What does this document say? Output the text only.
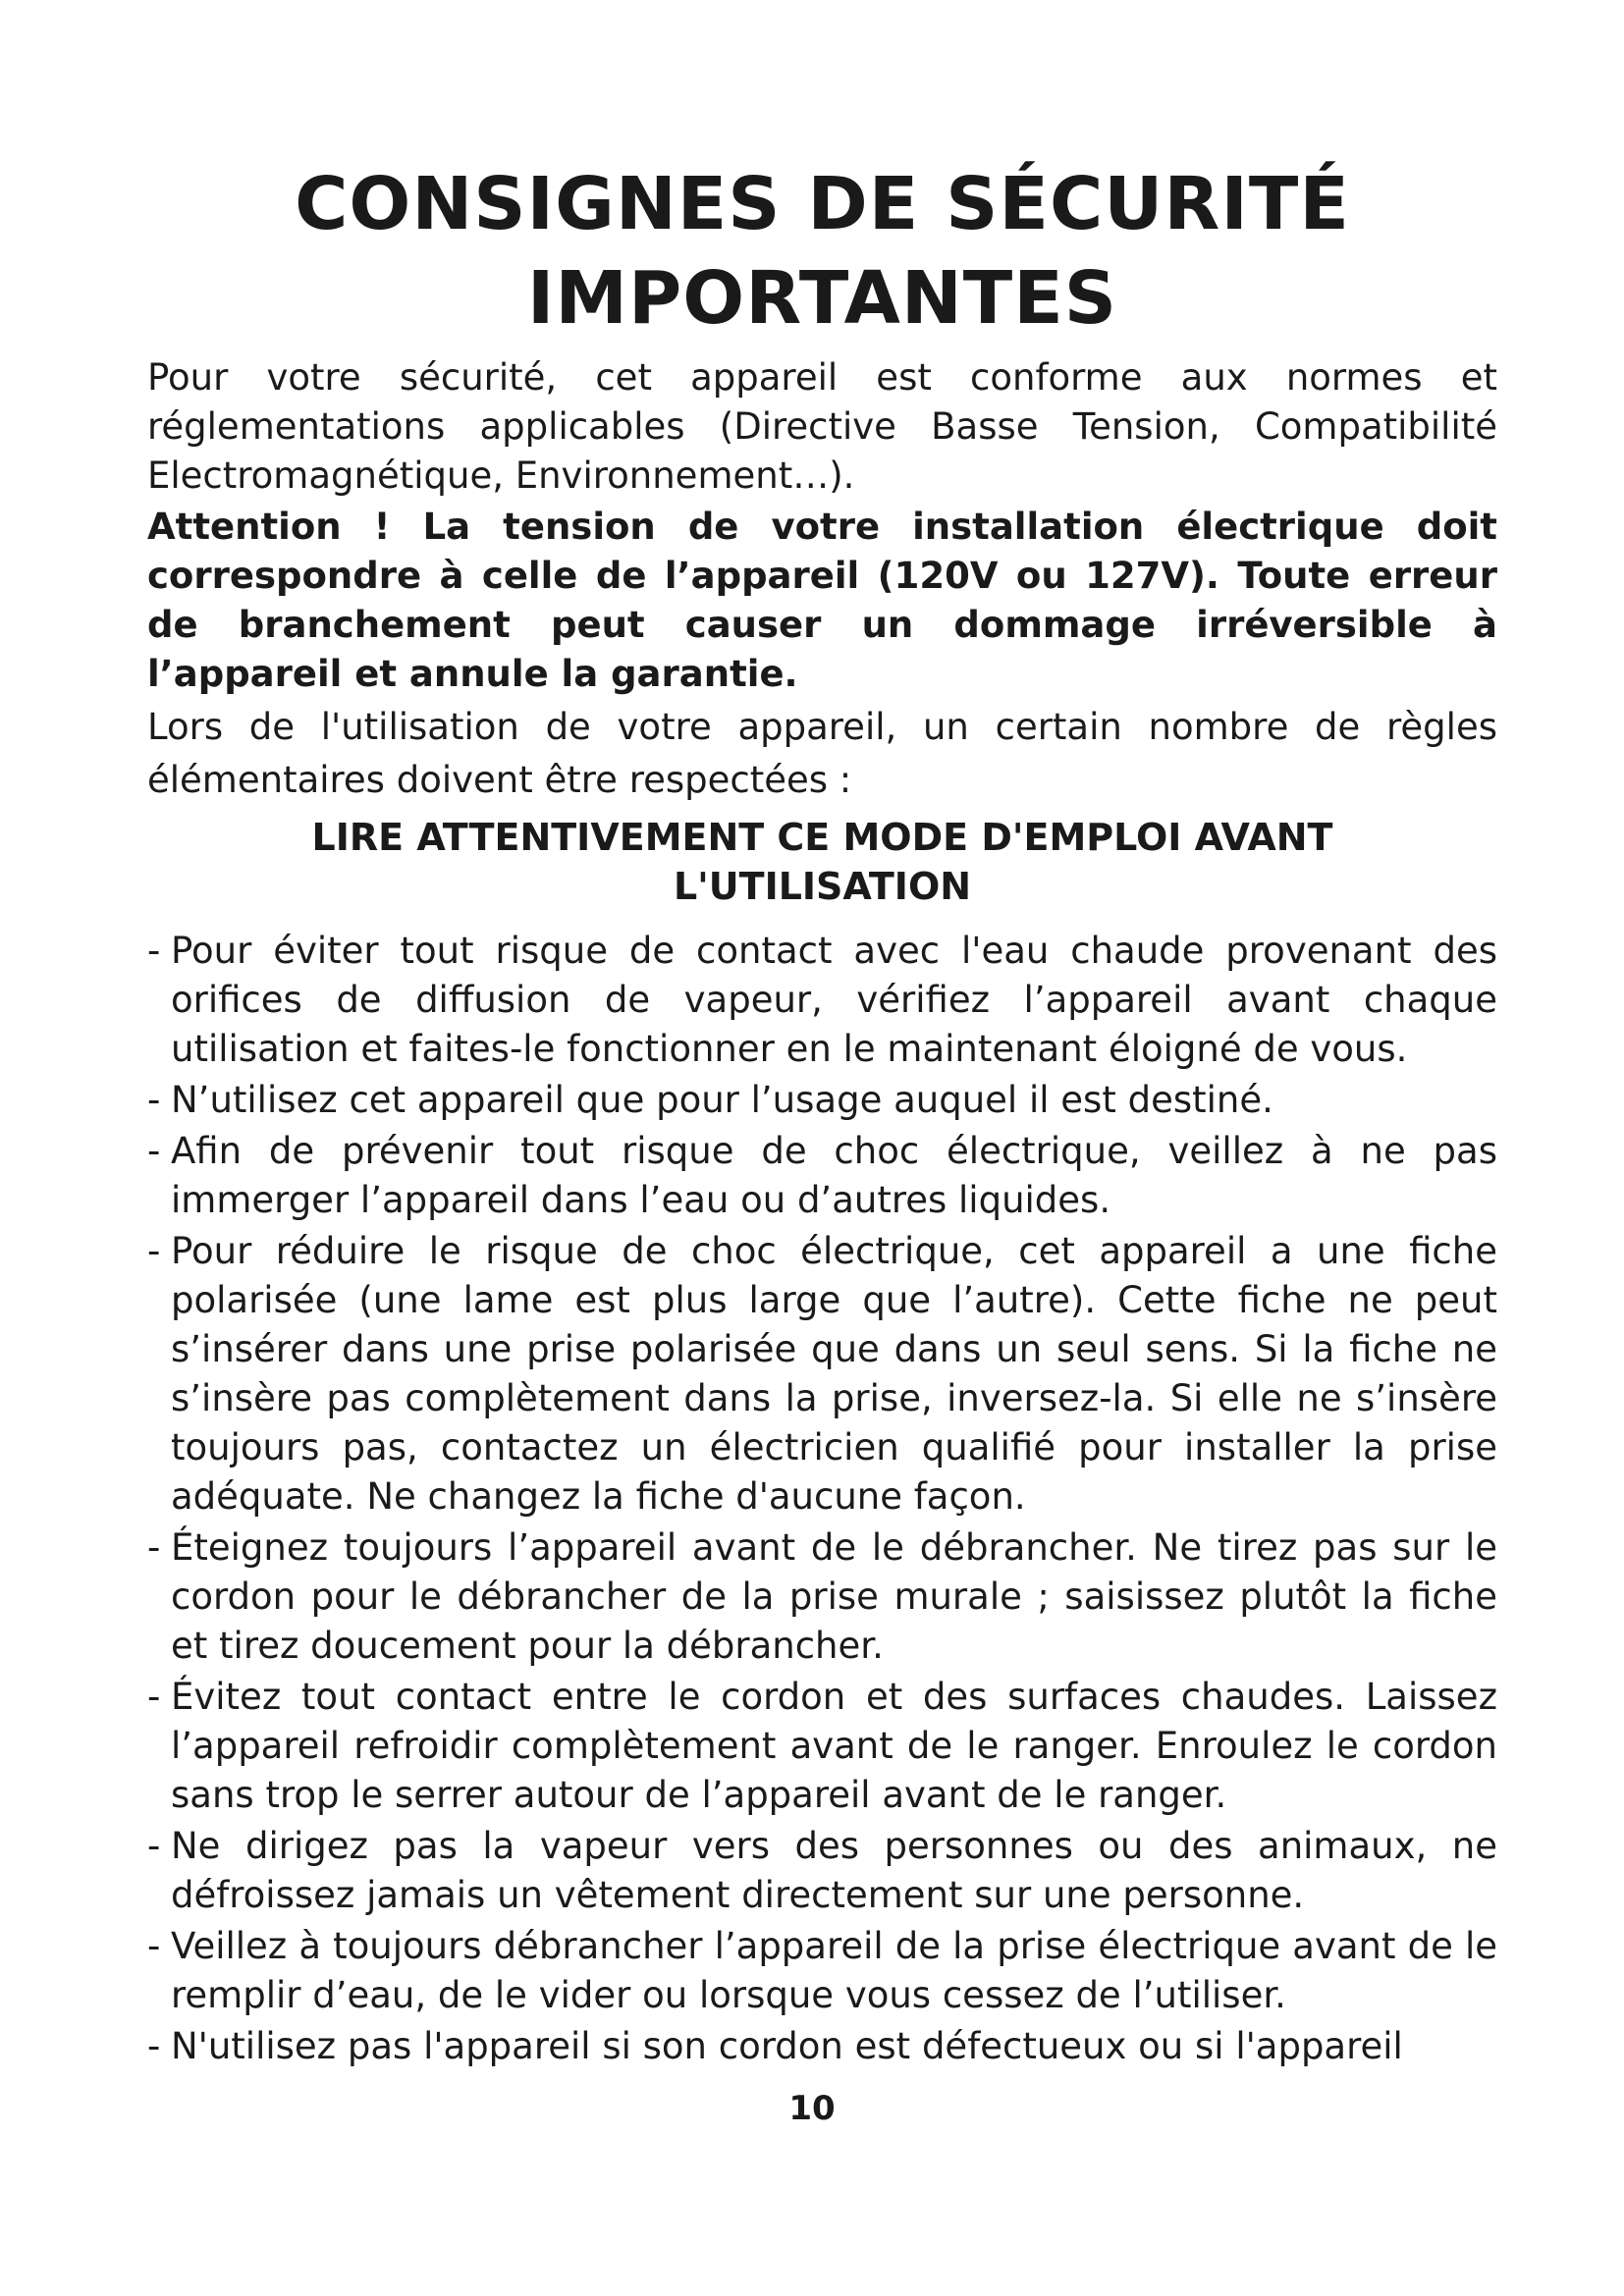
CONSIGNES DE SÉCURITÉ
IMPORTANTES

Pour votre sécurité, cet appareil est conforme aux normes et réglementations applicables (Directive Basse Tension, Compatibilité Electromagnétique, Environnement…).

Attention ! La tension de votre installation électrique doit correspondre à celle de l’appareil (120V ou 127V). Toute erreur de branchement peut causer un dommage irréversible à l’appareil et annule la garantie.

Lors de l'utilisation de votre appareil, un certain nombre de règles élémentaires doivent être respectées :

LIRE ATTENTIVEMENT CE MODE D'EMPLOI AVANT
L'UTILISATION
- Pour éviter tout risque de contact avec l'eau chaude provenant des orifices de diffusion de vapeur, vérifiez l’appareil avant chaque utilisation et faites-le fonctionner en le maintenant éloigné de vous.
- N’utilisez cet appareil que pour l’usage auquel il est destiné.
- Afin de prévenir tout risque de choc électrique, veillez à ne pas immerger l’appareil dans l’eau ou d’autres liquides.
- Pour réduire le risque de choc électrique, cet appareil a une fiche polarisée (une lame est plus large que l’autre). Cette fiche ne peut s’insérer dans une prise polarisée que dans un seul sens. Si la fiche ne s’insère pas complètement dans la prise, inversez-la. Si elle ne s’insère toujours pas, contactez un électricien qualifié pour installer la prise adéquate. Ne changez la fiche d'aucune façon.
- Éteignez toujours l’appareil avant de le débrancher. Ne tirez pas sur le cordon pour le débrancher de la prise murale ; saisissez plutôt la fiche et tirez doucement pour la débrancher.
- Évitez tout contact entre le cordon et des surfaces chaudes. Laissez l’appareil refroidir complètement avant de le ranger. Enroulez le cordon sans trop le serrer autour de l’appareil avant de le ranger.
- Ne dirigez pas la vapeur vers des personnes ou des animaux, ne défroissez jamais un vêtement directement sur une personne.
- Veillez à toujours débrancher l’appareil de la prise électrique avant de le remplir d’eau, de le vider ou lorsque vous cessez de l’utiliser.
- N'utilisez pas l'appareil si son cordon est défectueux ou si l'appareil
10
